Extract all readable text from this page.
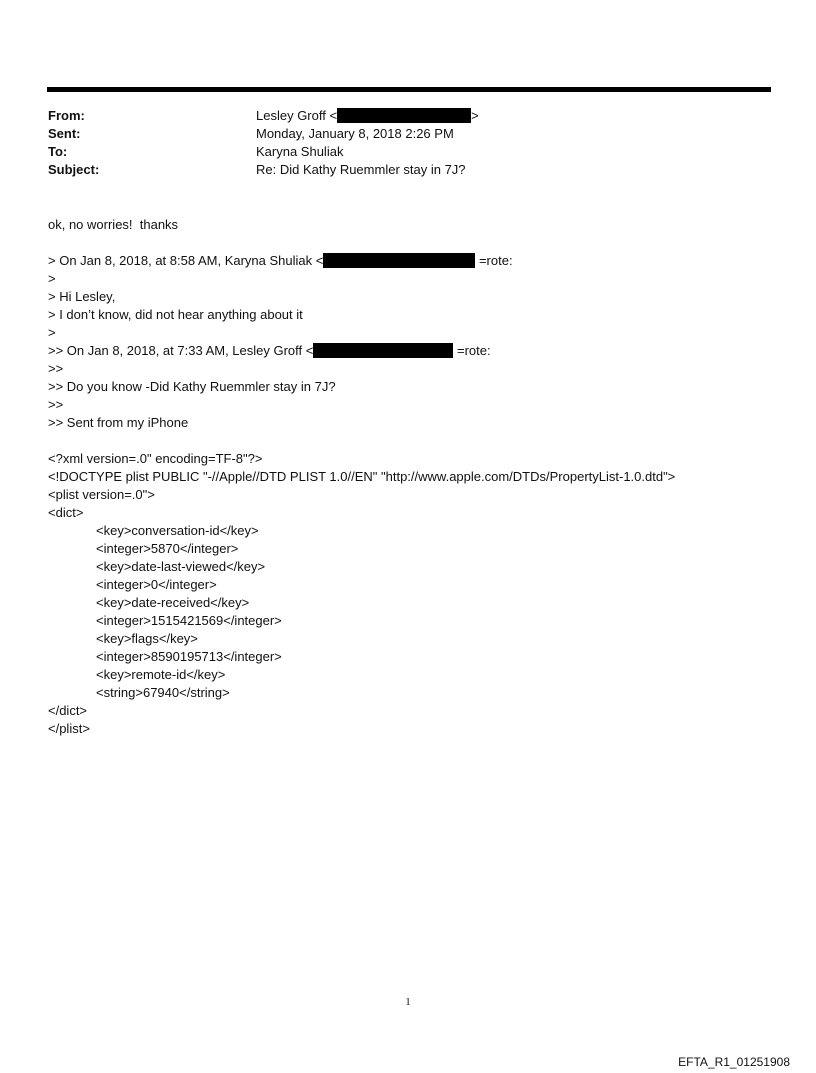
From:	Lesley Groff <	>
Sent:	Monday, January 8, 2018 2:26 PM
To:	Karyna Shuliak
Subject:	Re: Did Kathy Ruemmler stay in 7J?
ok, no worries!  thanks
> On Jan 8, 2018, at 8:58 AM, Karyna Shuliak <	=rote:
>
> Hi Lesley,
> I don’t know, did not hear anything about it
>
>> On Jan 8, 2018, at 7:33 AM, Lesley Groff <	=rote:
>>
>> Do you know -Did Kathy Ruemmler stay in 7J?
>>
>> Sent from my iPhone
<?xml version=.0" encoding=TF-8"?>
<!DOCTYPE plist PUBLIC "-//Apple//DTD PLIST 1.0//EN" "http://www.apple.com/DTDs/PropertyList-1.0.dtd">
<plist version=.0">
<dict>
<key>conversation-id</key>
<integer>5870</integer>
<key>date-last-viewed</key>
<integer>0</integer>
<key>date-received</key>
<integer>1515421569</integer>
<key>flags</key>
<integer>8590195713</integer>
<key>remote-id</key>
<string>67940</string>
</dict>
</plist>
1
EFTA_R1_01251908
